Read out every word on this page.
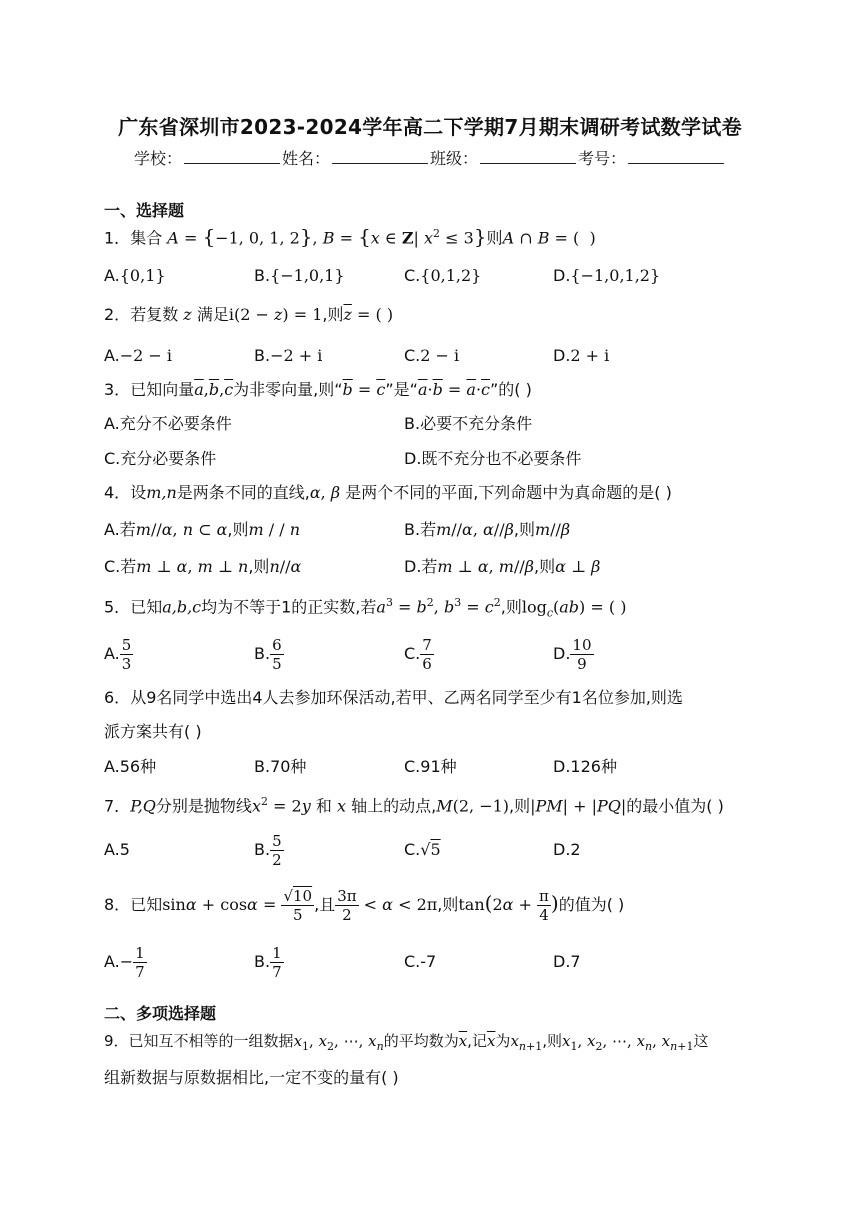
广东省深圳市2023-2024学年高二下学期7月期末调研考试数学试卷
学校：	姓名：	班级：	考号：
一、选择题
1．集合 A = {−1, 0, 1, 2}, B = {x ∈ Z| $x^2 \le 3$}则A ∩ B = (  )
A.{0,1}	B.{−1,0,1}	C.{0,1,2}	D.{−1,0,1,2}
2．若复数 z 满足i(2 − z) = 1,则$\overline{z}$ = ( )
A.−2 − i	B.−2 + i	C.2 − i	D.2 + i
3．已知向量$\overline{a},\overline{b},\overline{c}$为非零向量,则“$\overline{b} = \overline{c}$”是“$\overline{a}\cdot\overline{b} = \overline{a}\cdot\overline{c}$”的( )
A.充分不必要条件	B.必要不充分条件
C.充分必要条件	D.既不充分也不必要条件
4．设m,n是两条不同的直线,α, β 是两个不同的平面,下列命题中为真命题的是( )
A.若m//α, n ⊂ α,则m / / n	B.若m//α, α//β,则m//β
C.若m ⊥ α, m ⊥ n,则n//α	D.若m ⊥ α, m//β,则α ⊥ β
5．已知a,b,c均为不等于1的正实数,若$a^3 = b^2$, $b^3 = c^2$,则$\log_c(ab)$ = ( )
A. $\frac{5}{3}$	B. $\frac{6}{5}$	C. $\frac{7}{6}$	D. $\frac{10}{9}$
6．从9名同学中选出4人去参加环保活动,若甲、乙两名同学至少有1名位参加,则选
派方案共有( )
A.56种	B.70种	C.91种	D.126种
7．P,Q分别是抛物线$x^2 = 2y$ 和 x 轴上的动点,M(2, −1),则|PM| + |PQ|的最小值为( )
A.5	B. $\frac{5}{2}$	C.√5	D.2
8．已知$\sin\alpha + \cos\alpha = \frac{√10}{5}$ ,且 $\frac{3\pi}{2} < \alpha < 2\pi$,则$\tan(2\alpha + \frac{\pi}{4}$ )的值为( )
$A.- \frac{1}{7}$	B. $\frac{1}{7}$	C.-7	D.7
二、多项选择题
9．已知互不相等的一组数据$x_1$, $x_2$, ⋯, $x_n$的平均数为$\overline{x}$,记$\overline{x}$为$x_{n+1}$,则$x_1$, $x_2$, ⋯, $x_n$, $x_{n+1}$这
组新数据与原数据相比,一定不变的量有( )
